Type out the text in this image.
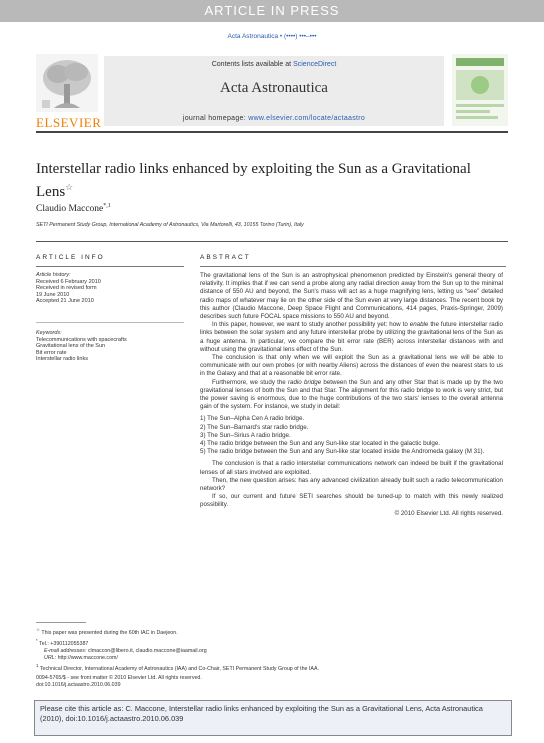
ARTICLE IN PRESS
Acta Astronautica • (••••) •••–•••
ELSEVIER
Contents lists available at ScienceDirect
Acta Astronautica
journal homepage: www.elsevier.com/locate/actaastro
Interstellar radio links enhanced by exploiting the Sun as a Gravitational Lens☆
Claudio Maccone$^{*,1}$
SETI Permanent Study Group, International Academy of Astronautics, Via Martorelli, 43, 10155 Torino (Turin), Italy
ARTICLE INFO
Article history:
Received 6 February 2010
Received in revised form
19 June 2010
Accepted 21 June 2010
Keywords:
Telecommunications with spacecrafts
Gravitational lens of the Sun
Bit error rate
Interstellar radio links
ABSTRACT

The gravitational lens of the Sun is an astrophysical phenomenon predicted by Einstein's general theory of relativity. It implies that if we can send a probe along any radial direction away from the Sun up to the minimal distance of 550 AU and beyond, the Sun's mass will act as a huge magnifying lens, letting us “see” detailed radio maps of whatever may lie on the other side of the Sun even at very large distances. The recent book by this author (Claudio Maccone, Deep Space Flight and Communications, 414 pages, Praxis-Springer, 2009) describes such future FOCAL space missions to 550 AU and beyond.

In this paper, however, we want to study another possibility yet: how to enable the future interstellar radio links between the solar system and any future interstellar probe by utilizing the gravitational lens of the Sun as a huge antenna. In particular, we compare the bit error rate (BER) across interstellar distances with and without using the gravitational lens effect of the Sun.

The conclusion is that only when we will exploit the Sun as a gravitational lens we will be able to communicate with our own probes (or with nearby Aliens) across the distances of even the nearest stars to us in the Galaxy and that at a reasonable bit error rate.

Furthermore, we study the radio bridge between the Sun and any other Star that is made up by the two gravitational lenses of both the Sun and that Star. The alignment for this radio bridge to work is very strict, but the power saving is enormous, due to the huge contributions of the two stars' lenses to the overall antenna gain of the system. For instance, we study in detail:

1) The Sun–Alpha Cen A radio bridge.
2) The Sun–Barnard's star radio bridge.
3) The Sun–Sirius A radio bridge.
4) The radio bridge between the Sun and any Sun-like star located in the galactic bulge.
5) The radio bridge between the Sun and any Sun-like star located inside the Andromeda galaxy (M 31).

The conclusion is that a radio interstellar communications network can indeed be built if the gravitational lenses of all stars involved are exploited.

Then, the new question arises: has any advanced civilization already built such a radio telecommunication network?

If so, our current and future SETI searches should be tuned-up to match with this newly realized possibility.

© 2010 Elsevier Ltd. All rights reserved.

☆ This paper was presented during the 60th IAC in Daejeon.
* Tel.: +390112055387
E-mail addresses: clmaccon@libero.it, claudio.maccone@iaamail.org
URL: http://www.maccone.com/
$^1$ Technical Director, International Academy of Astronautics (IAA) and Co-Chair, SETI Permanent Study Group of the IAA.
0094-5765/$ - see front matter © 2010 Elsevier Ltd. All rights reserved.
doi:10.1016/j.actaastro.2010.06.039
Please cite this article as: C. Maccone, Interstellar radio links enhanced by exploiting the Sun as a Gravitational Lens, Acta Astronautica (2010), doi:10.1016/j.actaastro.2010.06.039
